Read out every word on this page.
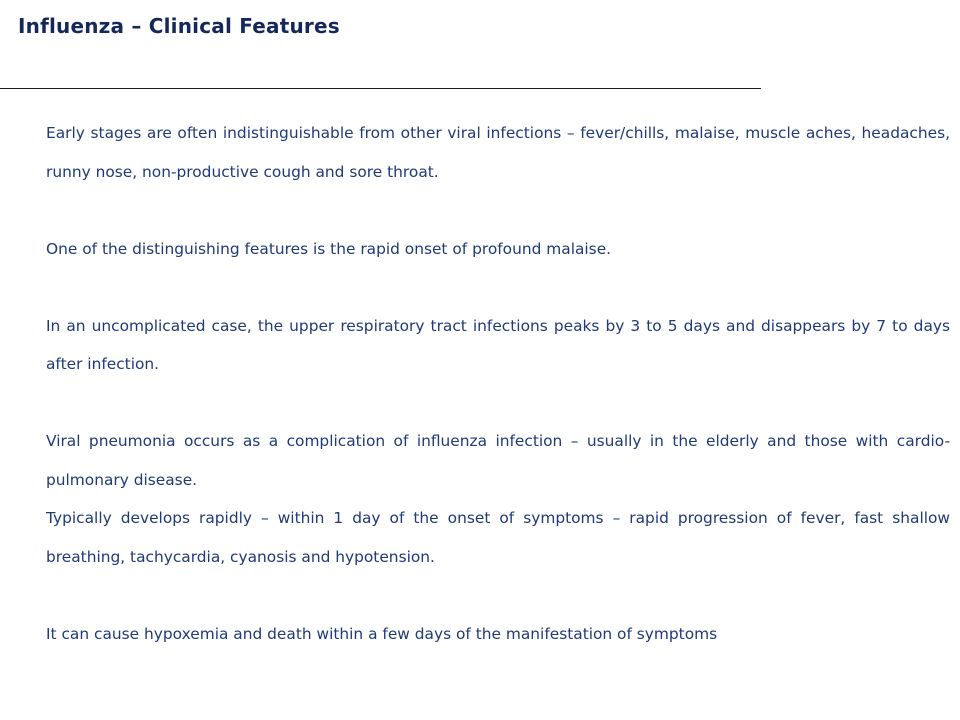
Influenza – Clinical Features

Early stages are often indistinguishable from other viral infections – fever/chills, malaise, muscle aches, headaches, runny nose, non-productive cough and sore throat.

One of the distinguishing features is the rapid onset of profound malaise.

In an uncomplicated case, the upper respiratory tract infections peaks by 3 to 5 days and disappears by 7 to days after infection.

Viral pneumonia occurs as a complication of influenza infection – usually in the elderly and those with cardio-pulmonary disease.

Typically develops rapidly – within 1 day of the onset of symptoms – rapid progression of fever, fast shallow breathing, tachycardia, cyanosis and hypotension.

It can cause hypoxemia and death within a few days of the manifestation of symptoms
